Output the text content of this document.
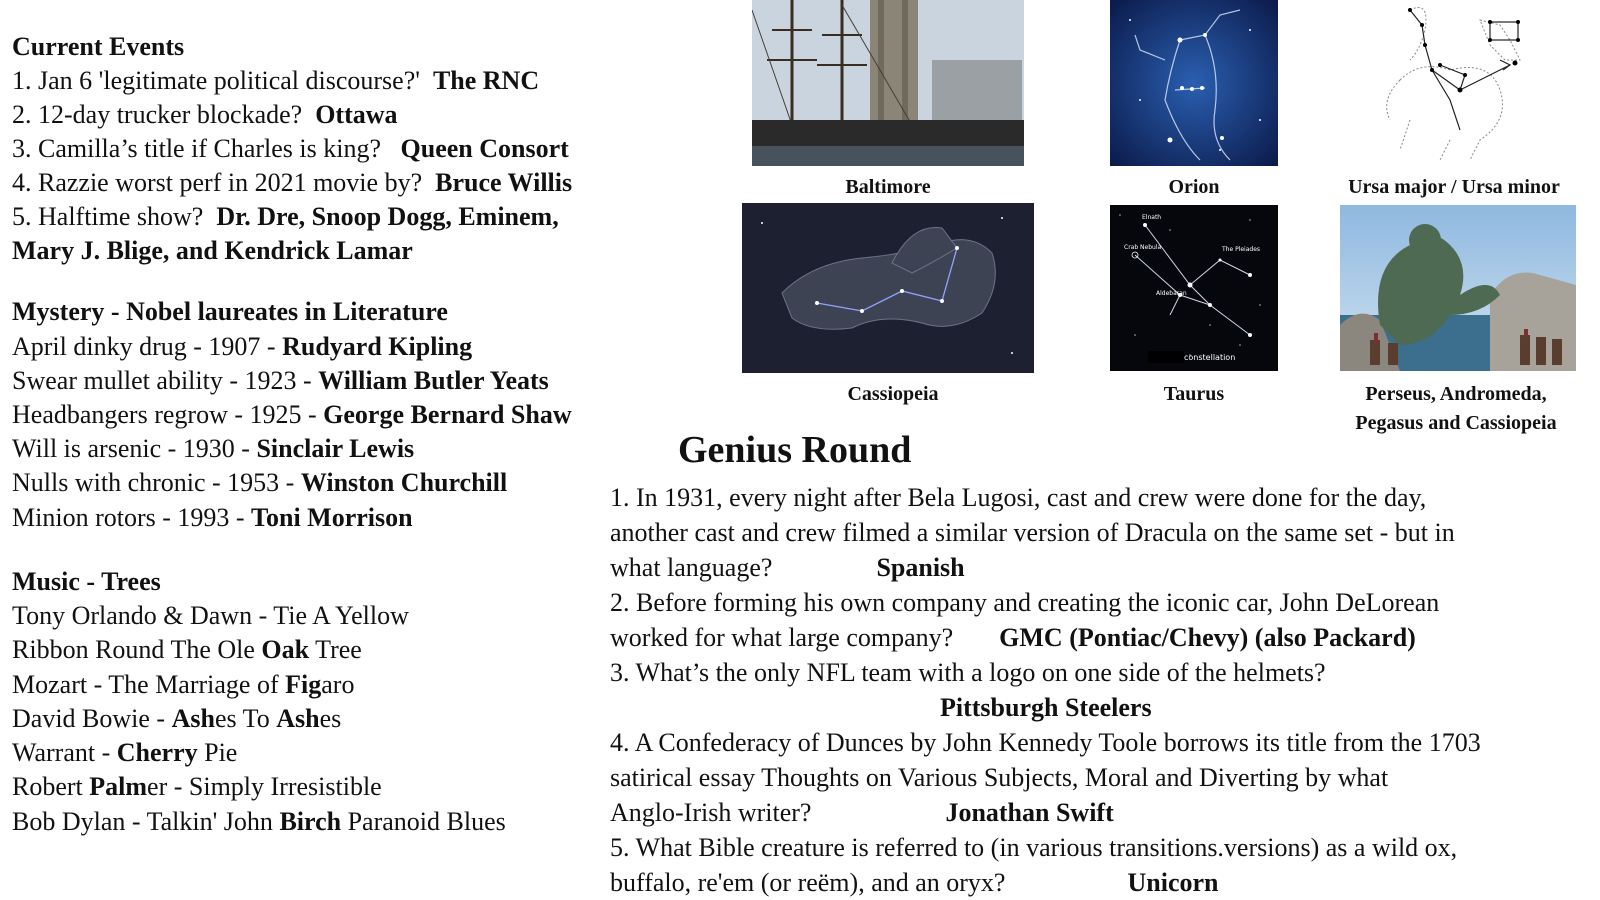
Current Events
1. Jan 6 'legitimate political discourse?' The RNC
2. 12-day trucker blockade? Ottawa
3. Camilla’s title if Charles is king? Queen Consort
4. Razzie worst perf in 2021 movie by? Bruce Willis
5. Halftime show? Dr. Dre, Snoop Dogg, Eminem,
Mary J. Blige, and Kendrick Lamar
Mystery - Nobel laureates in Literature
April dinky drug - 1907 - Rudyard Kipling
Swear mullet ability - 1923 - William Butler Yeats
Headbangers regrow - 1925 - George Bernard Shaw
Will is arsenic - 1930 - Sinclair Lewis
Nulls with chronic - 1953 - Winston Churchill
Minion rotors - 1993 - Toni Morrison
Music - Trees
Tony Orlando & Dawn - Tie A Yellow
Ribbon Round The Ole Oak Tree
Mozart - The Marriage of Figaro
David Bowie - Ashes To Ashes
Warrant - Cherry Pie
Robert Palmer - Simply Irresistible
Bob Dylan - Talkin' John Birch Paranoid Blues
Baltimore	Orion	Ursa major / Ursa minor
Cassiopeia
Elnath
Crab Nebula	The Pleiades
Aldebaran
constellation
Taurus	Perseus, Andromeda,
Pegasus and Cassiopeia
Genius Round
1. In 1931, every night after Bela Lugosi, cast and crew were done for the day,
another cast and crew filmed a similar version of Dracula on the same set - but in
what language?	Spanish
2. Before forming his own company and creating the iconic car, John DeLorean
worked for what large company? GMC (Pontiac/Chevy) (also Packard)
3. What’s the only NFL team with a logo on one side of the helmets?
Pittsburgh Steelers
4. A Confederacy of Dunces by John Kennedy Toole borrows its title from the 1703
satirical essay Thoughts on Various Subjects, Moral and Diverting by what
Anglo-Irish writer?	Jonathan Swift
5. What Bible creature is referred to (in various transitions.versions) as a wild ox,
buffalo, re'em (or reëm), and an oryx?	Unicorn
